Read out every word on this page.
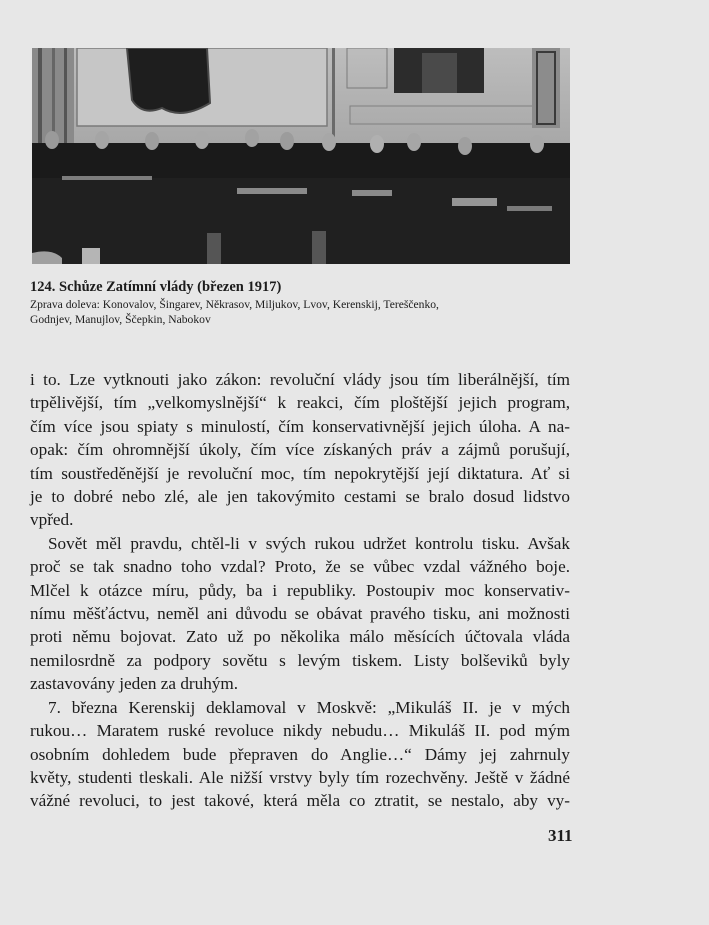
124. Schůze Zatímní vlády (březen 1917)

Zprava doleva: Konovalov, Šingarev, Někrasov, Miljukov, Lvov, Kerenskij, Tereščenko,
Godnjev, Manujlov, Ščepkin, Nabokov

i to. Lze vytknouti jako zákon: revoluční vlády jsou tím liberálnější, tím
trpělivější, tím „velkomyslnější“ k reakci, čím ploštější jejich program,
čím více jsou spiaty s minulostí, čím konservativnější jejich úloha. A na-
opak: čím ohromnější úkoly, čím více získaných práv a zájmů porušují,
tím soustředěnější je revoluční moc, tím nepokrytější její diktatura. Ať si
je to dobré nebo zlé, ale jen takovýmito cestami se bralo dosud lidstvo
vpřed.

Sovět měl pravdu, chtěl-li v svých rukou udržet kontrolu tisku. Avšak
proč se tak snadno toho vzdal? Proto, že se vůbec vzdal vážného boje.
Mlčel k otázce míru, půdy, ba i republiky. Postoupiv moc konservativ-
nímu měšťáctvu, neměl ani důvodu se obávat pravého tisku, ani možnosti
proti němu bojovat. Zato už po několika málo měsících účtovala vláda
nemilosrdně za podpory sovětu s levým tiskem. Listy bolševiků byly
zastavovány jeden za druhým.

7. března Kerenskij deklamoval v Moskvě: „Mikuláš II. je v mých
rukou… Maratem ruské revoluce nikdy nebudu… Mikuláš II. pod mým
osobním dohledem bude přepraven do Anglie…“ Dámy jej zahrnuly
květy, studenti tleskali. Ale nižší vrstvy byly tím rozechvěny. Ještě v žádné
vážné revoluci, to jest takové, která měla co ztratit, se nestalo, aby vy-

311
